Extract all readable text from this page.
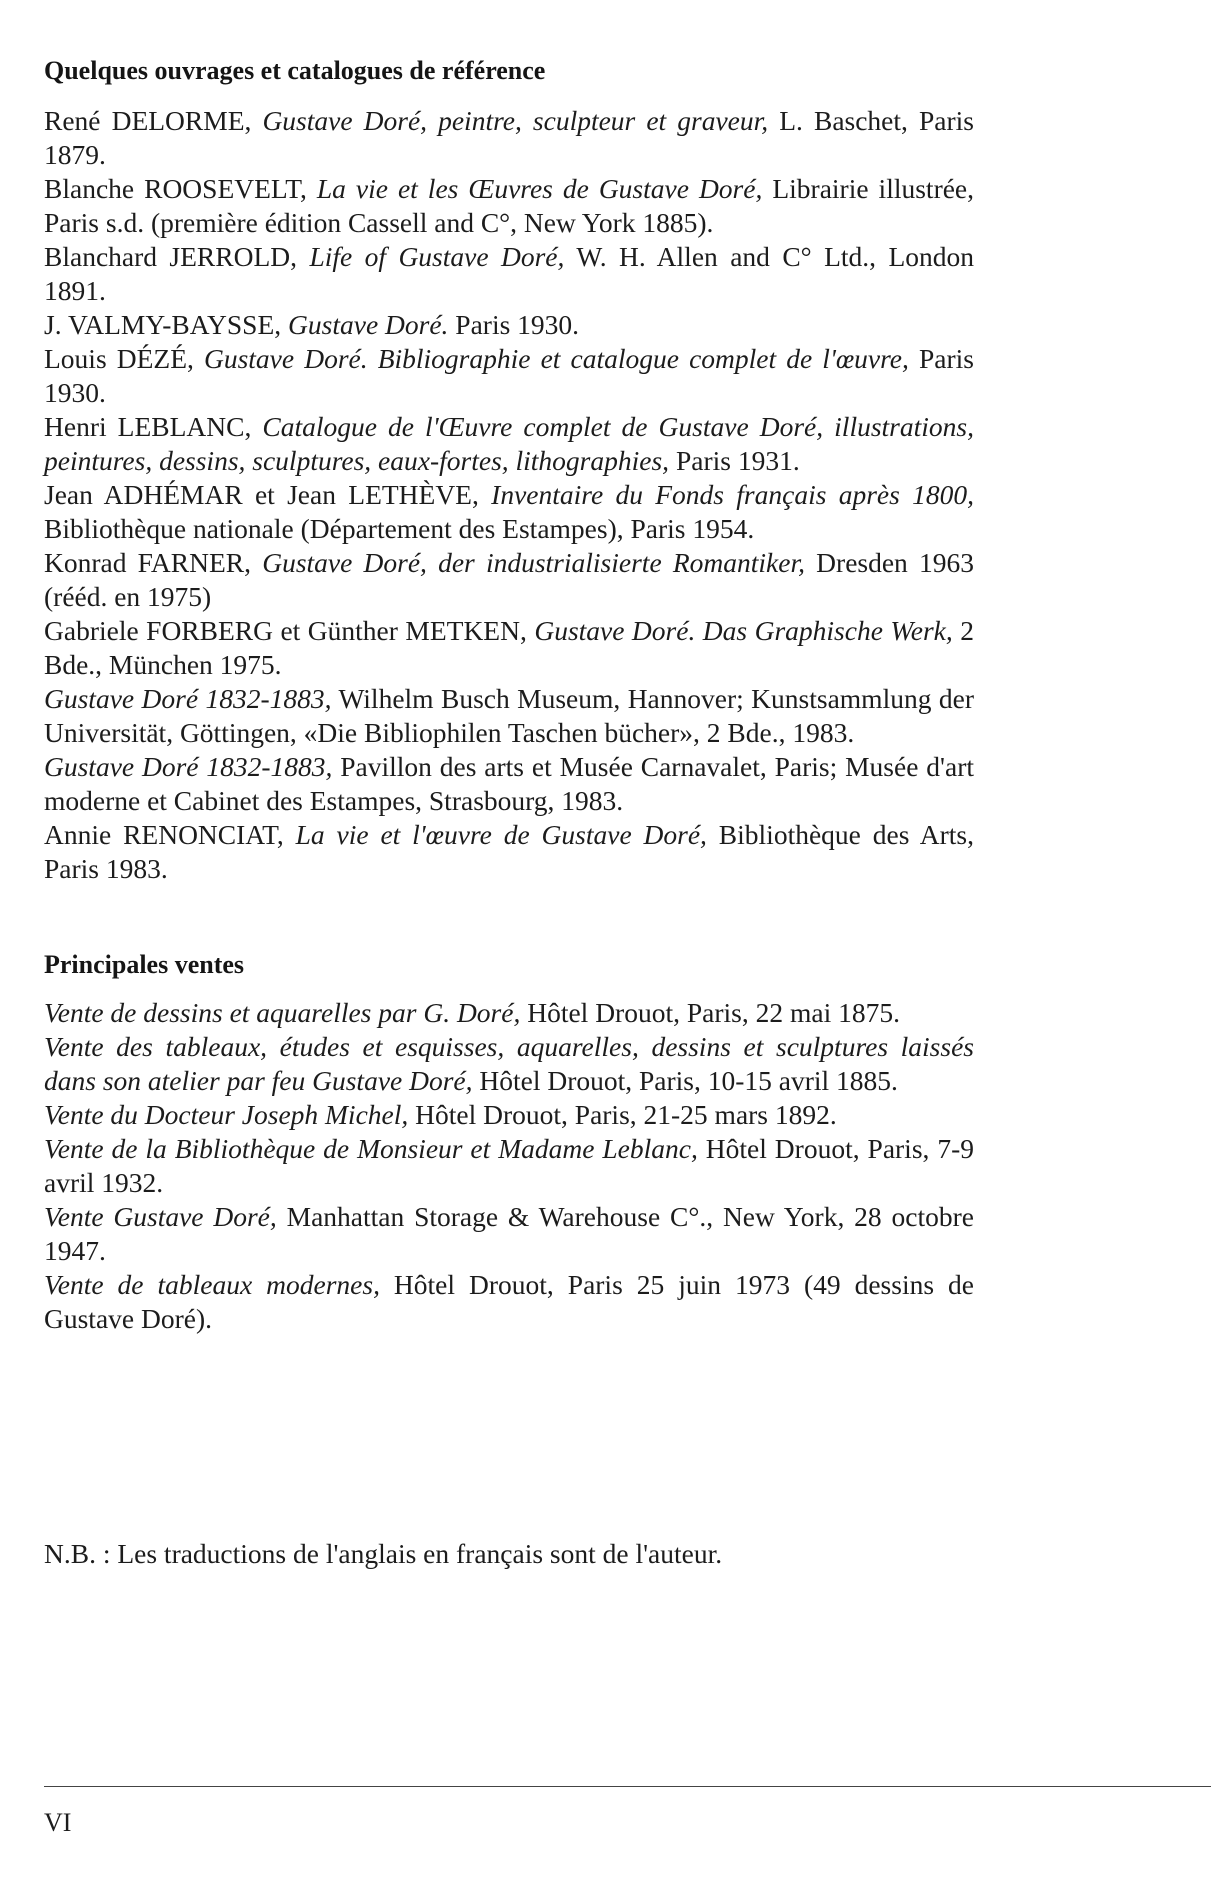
Quelques ouvrages et catalogues de référence
René DELORME, Gustave Doré, peintre, sculpteur et graveur, L. Baschet, Paris 1879.
Blanche ROOSEVELT, La vie et les Œuvres de Gustave Doré, Librairie illustrée, Paris s.d. (première édition Cassell and C°, New York 1885).
Blanchard JERROLD, Life of Gustave Doré, W. H. Allen and C° Ltd., London 1891.
J. VALMY-BAYSSE, Gustave Doré. Paris 1930.
Louis DÉZÉ, Gustave Doré. Bibliographie et catalogue complet de l'œuvre, Paris 1930.
Henri LEBLANC, Catalogue de l'Œuvre complet de Gustave Doré, illustrations, peintures, dessins, sculptures, eaux-fortes, lithographies, Paris 1931.
Jean ADHÉMAR et Jean LETHÈVE, Inventaire du Fonds français après 1800, Bibliothèque nationale (Département des Estampes), Paris 1954.
Konrad FARNER, Gustave Doré, der industrialisierte Romantiker, Dresden 1963 (rééd. en 1975)
Gabriele FORBERG et Günther METKEN, Gustave Doré. Das Graphische Werk, 2 Bde., München 1975.
Gustave Doré 1832-1883, Wilhelm Busch Museum, Hannover; Kunstsammlung der Universität, Göttingen, «Die Bibliophilen Taschen bücher», 2 Bde., 1983.
Gustave Doré 1832-1883, Pavillon des arts et Musée Carnavalet, Paris; Musée d'art moderne et Cabinet des Estampes, Strasbourg, 1983.
Annie RENONCIAT, La vie et l'œuvre de Gustave Doré, Bibliothèque des Arts, Paris 1983.
Principales ventes
Vente de dessins et aquarelles par G. Doré, Hôtel Drouot, Paris, 22 mai 1875.
Vente des tableaux, études et esquisses, aquarelles, dessins et sculptures laissés dans son atelier par feu Gustave Doré, Hôtel Drouot, Paris, 10-15 avril 1885.
Vente du Docteur Joseph Michel, Hôtel Drouot, Paris, 21-25 mars 1892.
Vente de la Bibliothèque de Monsieur et Madame Leblanc, Hôtel Drouot, Paris, 7-9 avril 1932.
Vente Gustave Doré, Manhattan Storage & Warehouse C°., New York, 28 octobre 1947.
Vente de tableaux modernes, Hôtel Drouot, Paris 25 juin 1973 (49 dessins de Gustave Doré).

N.B. : Les traductions de l'anglais en français sont de l'auteur.

VI
